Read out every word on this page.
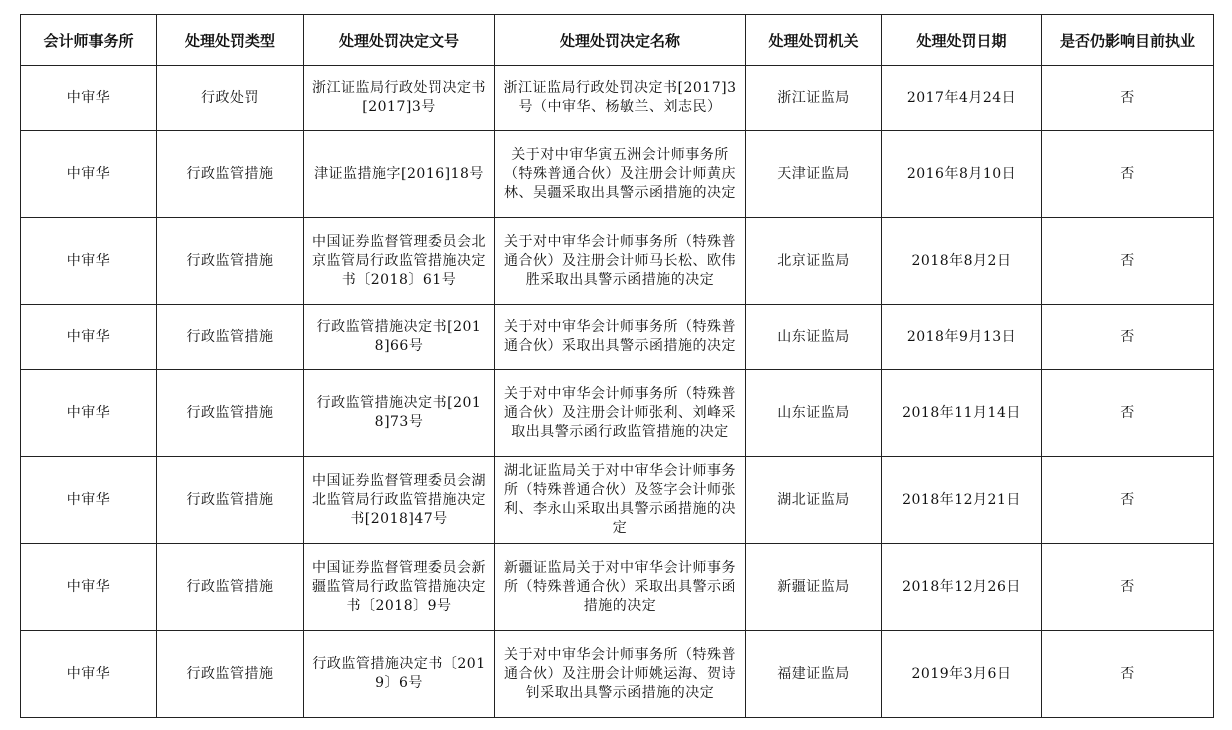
会计师事务所	处理处罚类型	处理处罚决定文号	处理处罚决定名称	处理处罚机关	处理处罚日期	是否仍影响目前执业
中审华	行政处罚	浙江证监局行政处罚决定书[2017]3号	浙江证监局行政处罚决定书[2017]3号（中审华、杨敏兰、刘志民）	浙江证监局	2017年4月24日	否
中审华	行政监管措施	津证监措施字[2016]18号	关于对中审华寅五洲会计师事务所（特殊普通合伙）及注册会计师黄庆林、吴疆采取出具警示函措施的决定	天津证监局	2016年8月10日	否
中审华	行政监管措施	中国证券监督管理委员会北京监管局行政监管措施决定书〔2018〕61号	关于对中审华会计师事务所（特殊普通合伙）及注册会计师马长松、欧伟胜采取出具警示函措施的决定	北京证监局	2018年8月2日	否
中审华	行政监管措施	行政监管措施决定书[2018]66号	关于对中审华会计师事务所（特殊普通合伙）采取出具警示函措施的决定	山东证监局	2018年9月13日	否
中审华	行政监管措施	行政监管措施决定书[2018]73号	关于对中审华会计师事务所（特殊普通合伙）及注册会计师张利、刘峰采取出具警示函行政监管措施的决定	山东证监局	2018年11月14日	否
中审华	行政监管措施	中国证券监督管理委员会湖北监管局行政监管措施决定书[2018]47号	湖北证监局关于对中审华会计师事务所（特殊普通合伙）及签字会计师张利、李永山采取出具警示函措施的决定	湖北证监局	2018年12月21日	否
中审华	行政监管措施	中国证券监督管理委员会新疆监管局行政监管措施决定书〔2018〕9号	新疆证监局关于对中审华会计师事务所（特殊普通合伙）采取出具警示函措施的决定	新疆证监局	2018年12月26日	否
中审华	行政监管措施	行政监管措施决定书〔2019〕6号	关于对中审华会计师事务所（特殊普通合伙）及注册会计师姚运海、贺诗钊采取出具警示函措施的决定	福建证监局	2019年3月6日	否
